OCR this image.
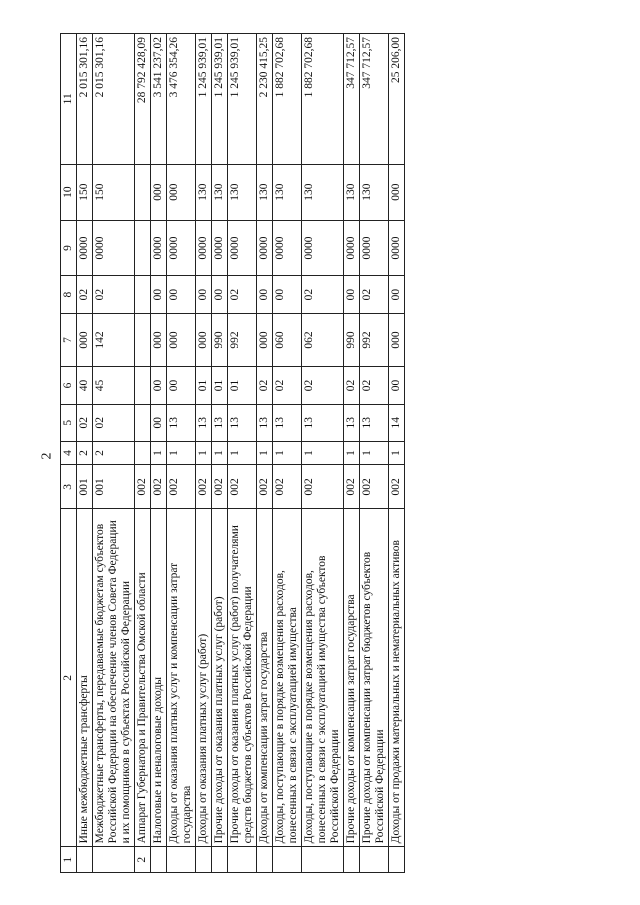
2
1	2	3	4	5	6	7	8	9	10	11
	Иные межбюджетные трансферты	001	2	02	40	000	02	0000	150	2 015 301,16
	Межбюджетные трансферты, передаваемые бюджетам субъектов Российской Федерации на обеспечение членов Совета Федерации и их помощников в субъектах Российской Федерации	001	2	02	45	142	02	0000	150	2 015 301,16
2	Аппарат Губернатора и Правительства Омской области	002								28 792 428,09
	Налоговые и неналоговые доходы	002	1	00	00	000	00	0000	000	3 541 237,02
	Доходы от оказания платных услуг и компенсации затрат государства	002	1	13	00	000	00	0000	000	3 476 354,26
	Доходы от оказания платных услуг (работ)	002	1	13	01	000	00	0000	130	1 245 939,01
	Прочие доходы от оказания платных услуг (работ)	002	1	13	01	990	00	0000	130	1 245 939,01
	Прочие доходы от оказания платных услуг (работ) получателями средств бюджетов субъектов Российской Федерации	002	1	13	01	992	02	0000	130	1 245 939,01
	Доходы от компенсации затрат государства	002	1	13	02	000	00	0000	130	2 230 415,25
	Доходы, поступающие в порядке возмещения расходов, понесенных в связи с эксплуатацией имущества	002	1	13	02	060	00	0000	130	1 882 702,68
	Доходы, поступающие в порядке возмещения расходов, понесенных в связи с эксплуатацией имущества субъектов Российской Федерации	002	1	13	02	062	02	0000	130	1 882 702,68
	Прочие доходы от компенсации затрат государства	002	1	13	02	990	00	0000	130	347 712,57
	Прочие доходы от компенсации затрат бюджетов субъектов Российской Федерации	002	1	13	02	992	02	0000	130	347 712,57
	Доходы от продажи материальных и нематериальных активов	002	1	14	00	000	00	0000	000	25 206,00
